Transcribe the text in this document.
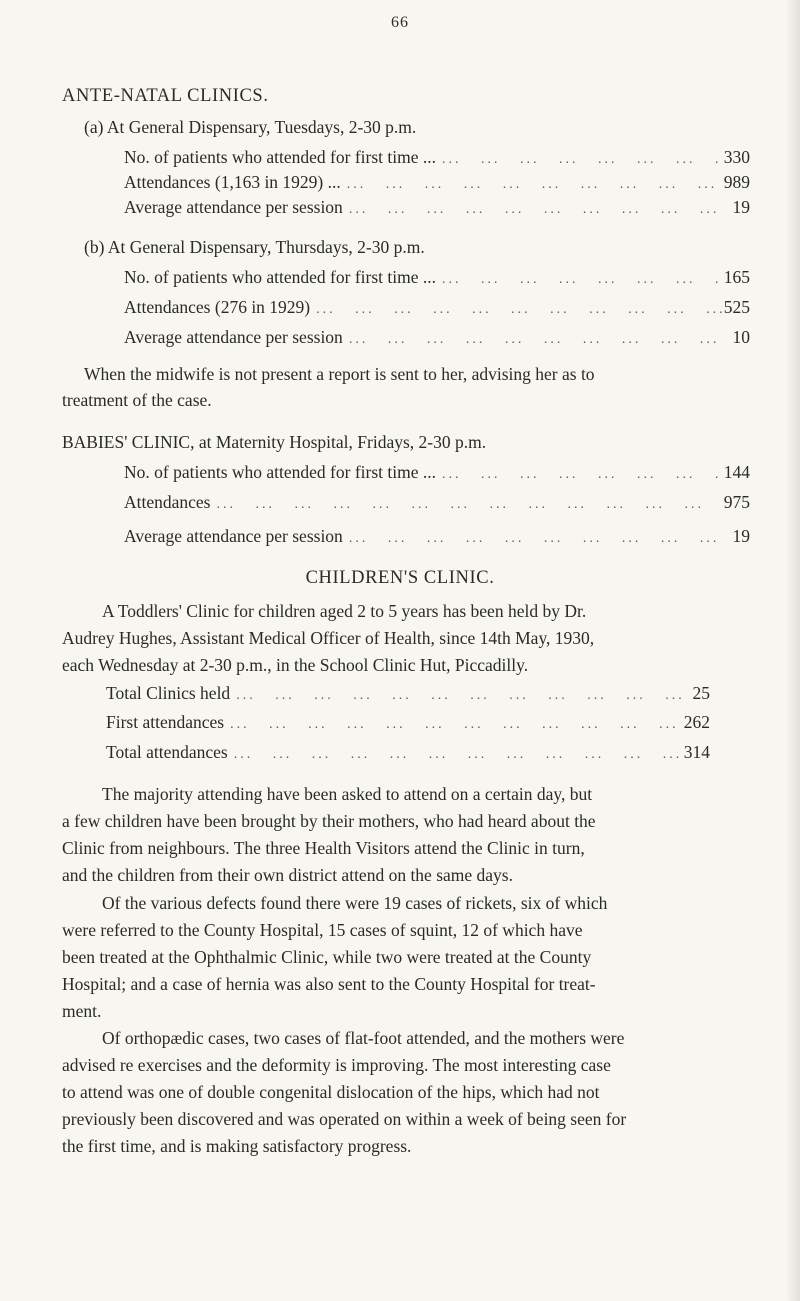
66
ANTE-NATAL CLINICS.
(a) At General Dispensary, Tuesdays, 2-30 p.m.
No. of patients who attended for first time ... ...	330
Attendances (1,163 in 1929) ... ...	989
Average attendance per session ...	19
(b) At General Dispensary, Thursdays, 2-30 p.m.
No. of patients who attended for first time ... ...	165
Attendances (276 in 1929) ...	525
Average attendance per session ...	10
When the midwife is not present a report is sent to her, advising her as to
treatment of the case.
BABIES' CLINIC, at Maternity Hospital, Fridays, 2-30 p.m.
No. of patients who attended for first time ... ...	144
Attendances ...	975
Average attendance per session ...	19
CHILDREN'S CLINIC.
A Toddlers' Clinic for children aged 2 to 5 years has been held by Dr.
Audrey Hughes, Assistant Medical Officer of Health, since 14th May, 1930,
each Wednesday at 2-30 p.m., in the School Clinic Hut, Piccadilly.
Total Clinics held ...	25
First attendances ...	262
Total attendances ...	314
The majority attending have been asked to attend on a certain day, but
a few children have been brought by their mothers, who had heard about the
Clinic from neighbours. The three Health Visitors attend the Clinic in turn,
and the children from their own district attend on the same days.
Of the various defects found there were 19 cases of rickets, six of which
were referred to the County Hospital, 15 cases of squint, 12 of which have
been treated at the Ophthalmic Clinic, while two were treated at the County
Hospital; and a case of hernia was also sent to the County Hospital for treat-
ment.
Of orthopædic cases, two cases of flat-foot attended, and the mothers were
advised re exercises and the deformity is improving. The most interesting case
to attend was one of double congenital dislocation of the hips, which had not
previously been discovered and was operated on within a week of being seen for
the first time, and is making satisfactory progress.
